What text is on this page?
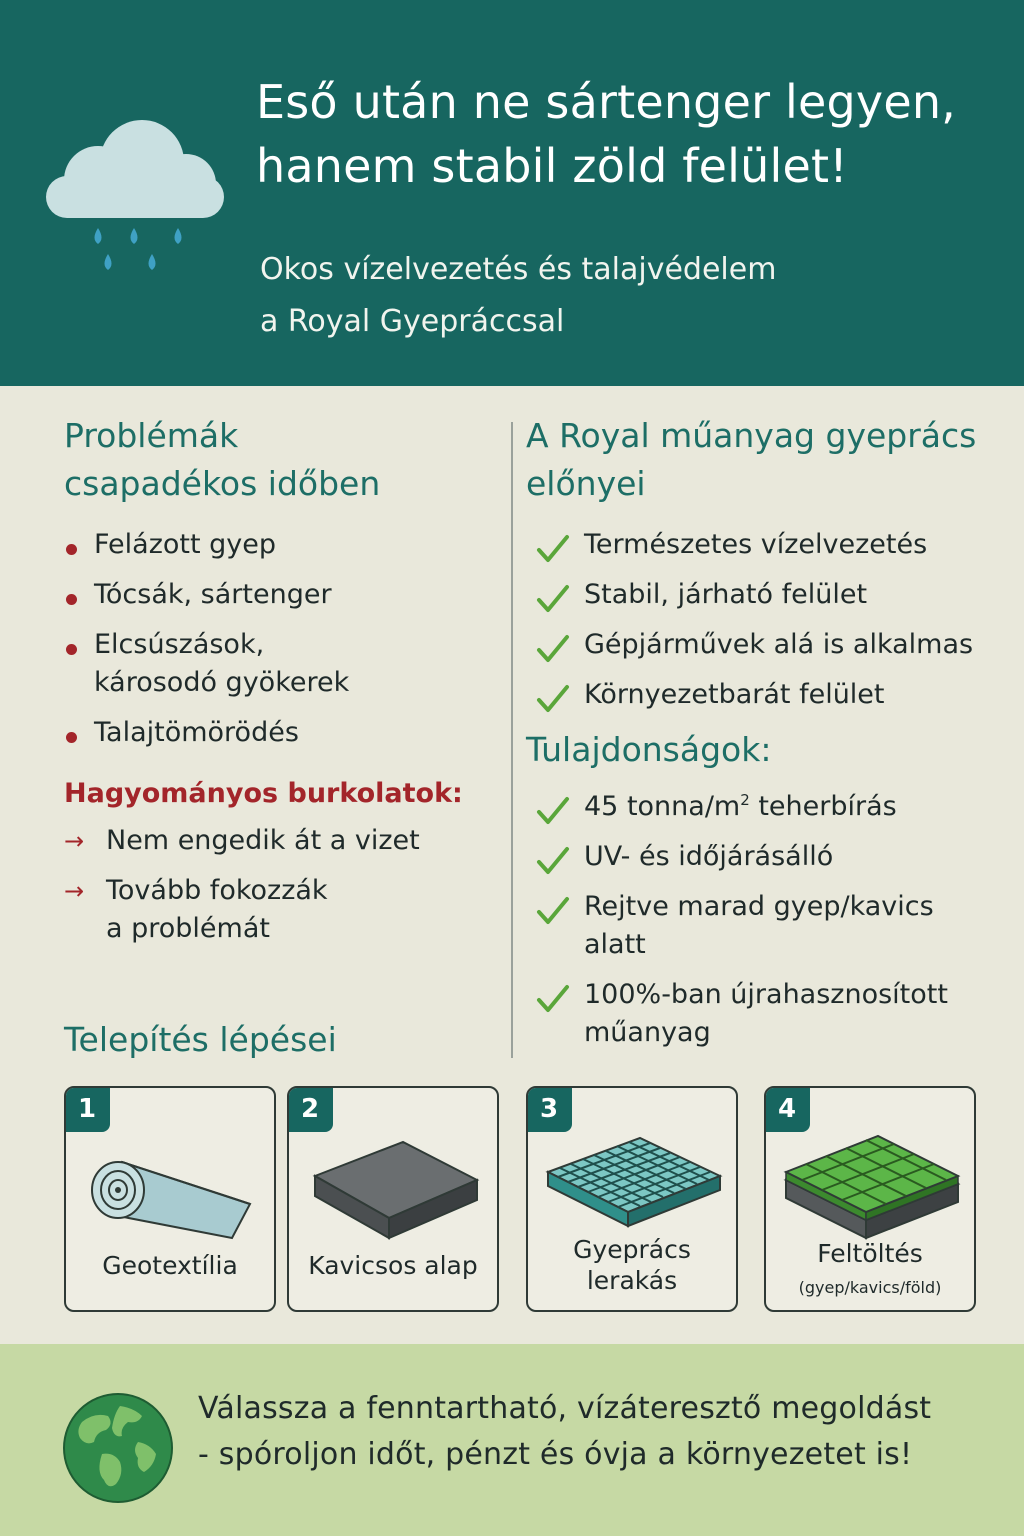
Eső után ne sártenger legyen,
hanem stabil zöld felület!
Okos vízelvezetés és talajvédelem
a Royal Gyepráccsal
Problémák
csapadékos időben
Felázott gyep
Tócsák, sártenger
Elcsúszások,
károsodó gyökerek
Talajtömörödés
Hagyományos burkolatok:
→ Nem engedik át a vizet
→ Tovább fokozzák
a problémát
A Royal műanyag gyeprács
előnyei
Természetes vízelvezetés
Stabil, járható felület
Gépjárművek alá is alkalmas
Környezetbarát felület
Tulajdonságok:
45 tonna/$m^2$ teherbírás
UV- és időjárásálló
Rejtve marad gyep/kavics
alatt
100%-ban újrahasznosított
műanyag
Telepítés lépései
1
Geotextília
2
Kavicsos alap
3
Gyeprács
lerakás
4
Feltöltés
(gyep/kavics/föld)
Válassza a fenntartható, vízáteresztő megoldást
- spóroljon időt, pénzt és óvja a környezetet is!
